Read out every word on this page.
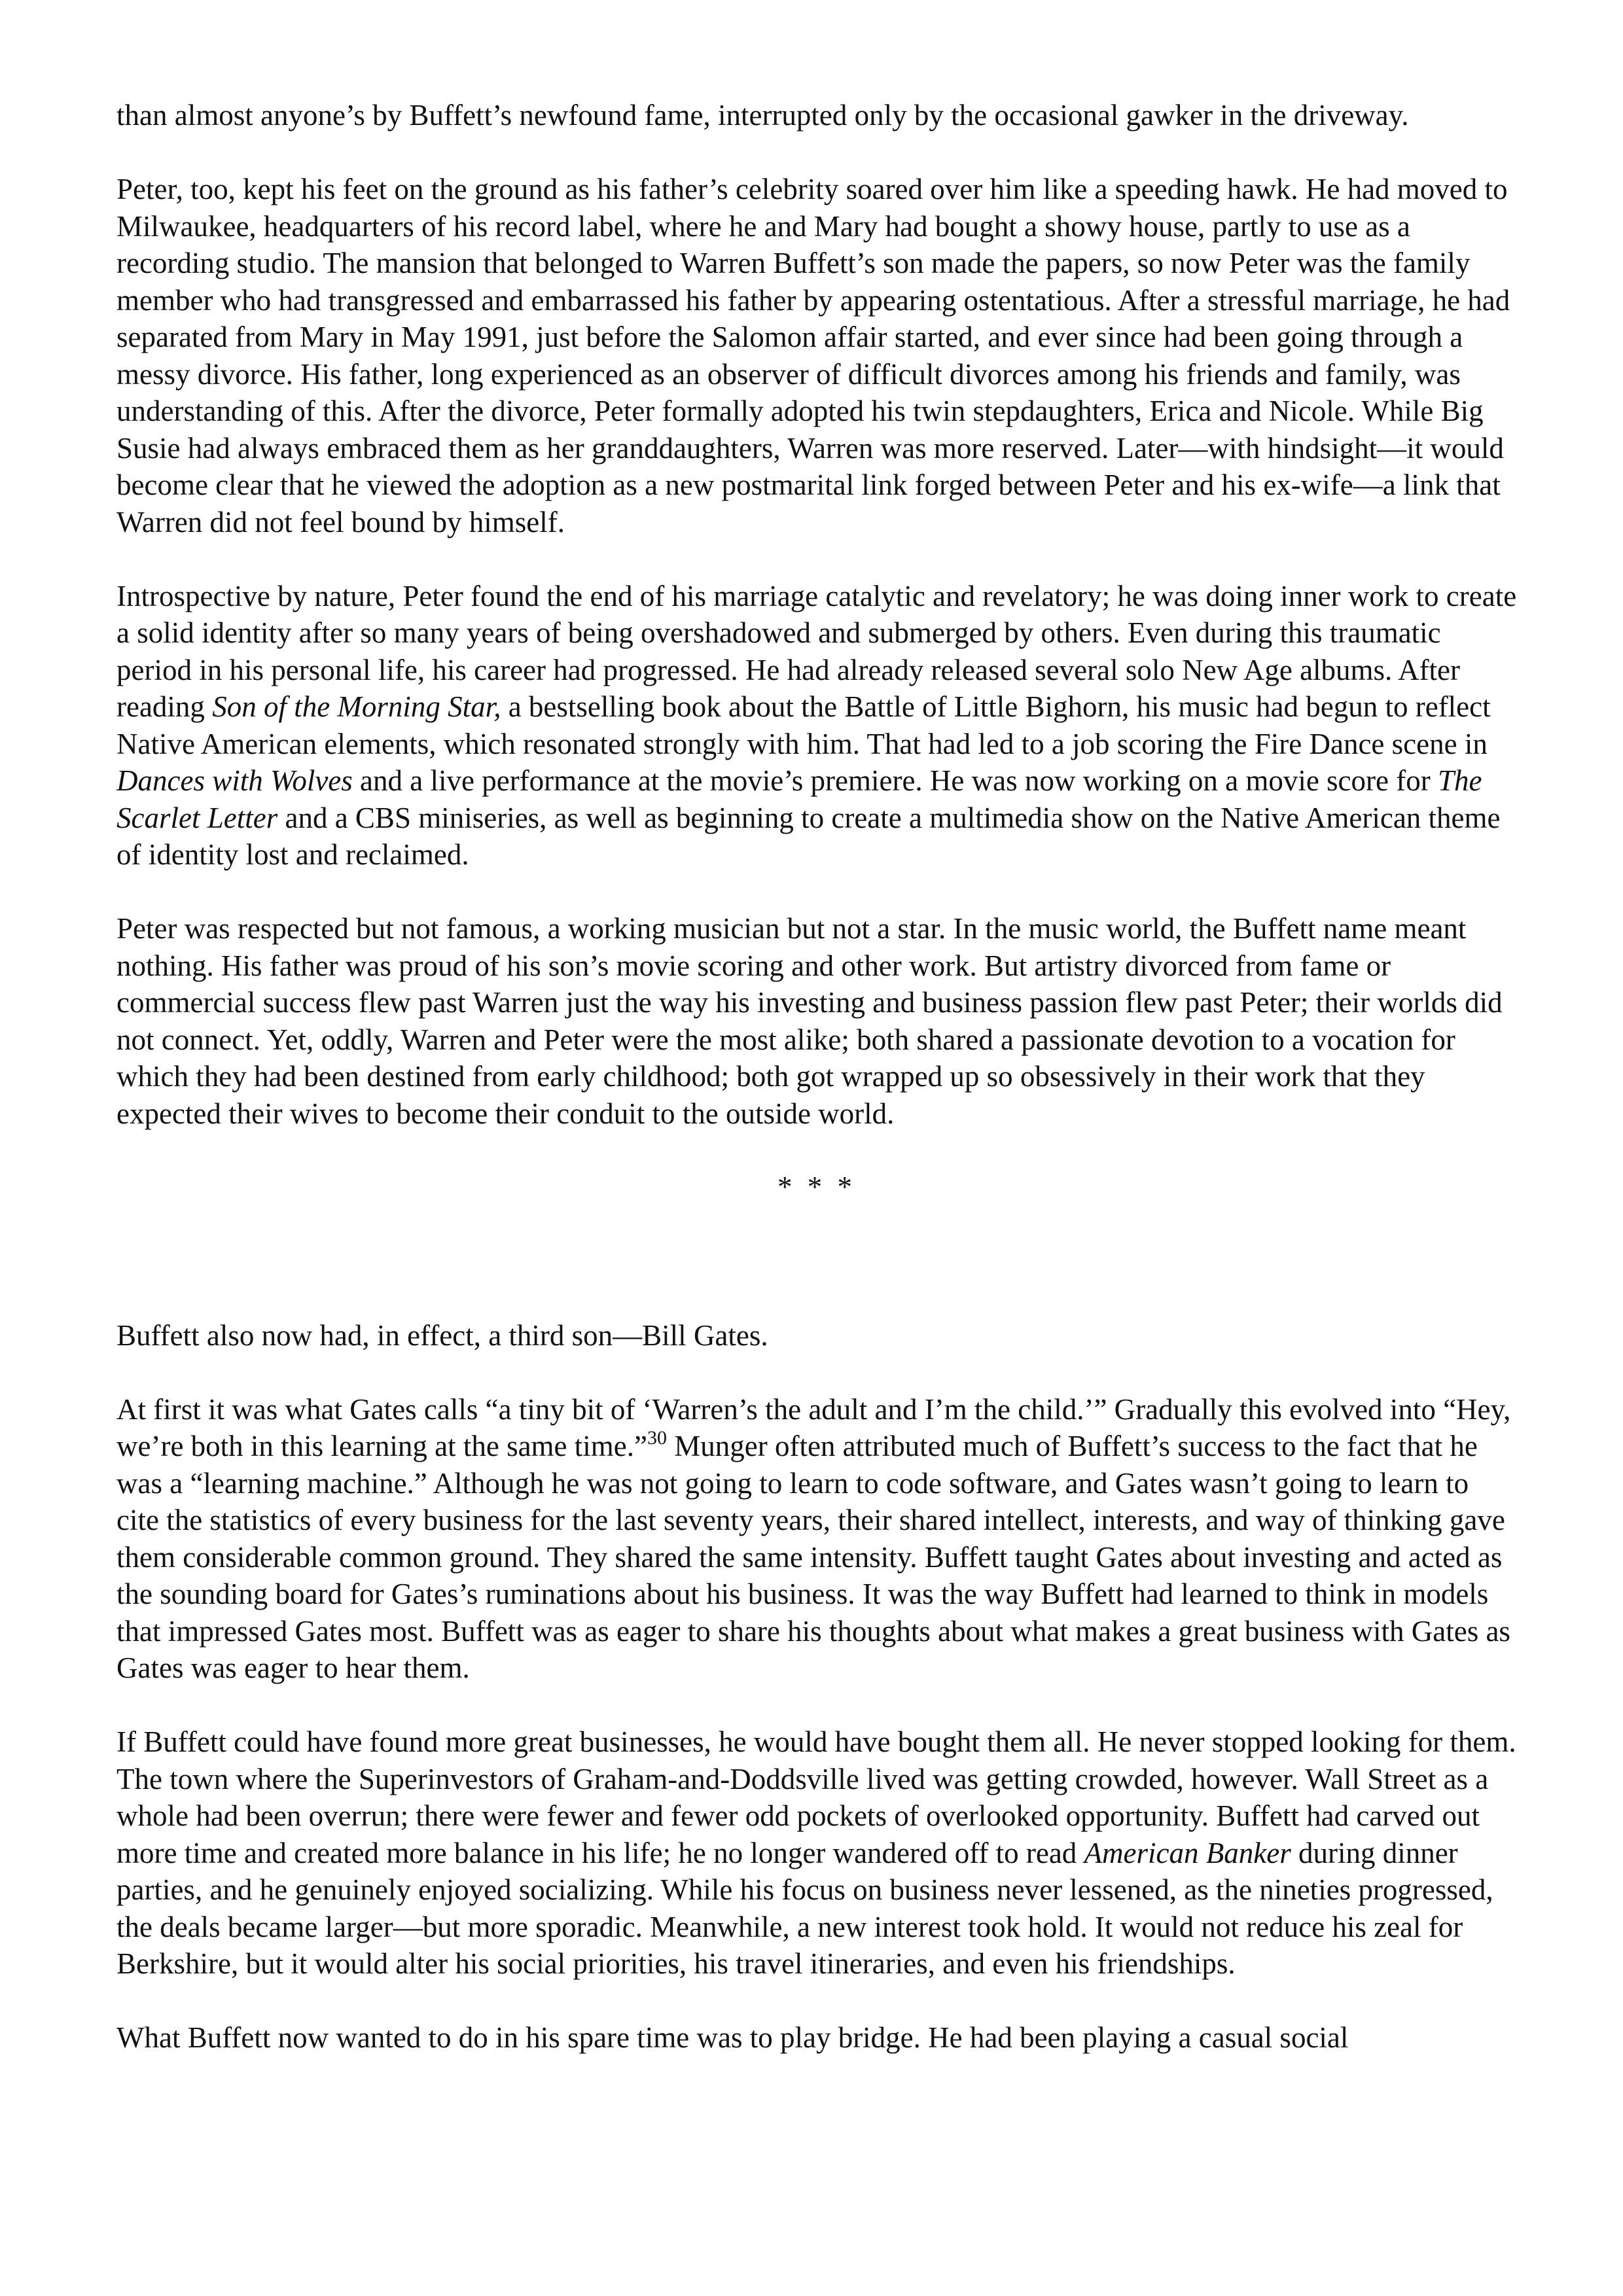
than almost anyone’s by Buffett’s newfound fame, interrupted only by the occasional gawker in the driveway.

Peter, too, kept his feet on the ground as his father’s celebrity soared over him like a speeding hawk. He had moved to Milwaukee, headquarters of his record label, where he and Mary had bought a showy house, partly to use as a recording studio. The mansion that belonged to Warren Buffett’s son made the papers, so now Peter was the family member who had transgressed and embarrassed his father by appearing ostentatious. After a stressful marriage, he had separated from Mary in May 1991, just before the Salomon affair started, and ever since had been going through a messy divorce. His father, long experienced as an observer of difficult divorces among his friends and family, was understanding of this. After the divorce, Peter formally adopted his twin stepdaughters, Erica and Nicole. While Big Susie had always embraced them as her granddaughters, Warren was more reserved. Later—with hindsight—it would become clear that he viewed the adoption as a new postmarital link forged between Peter and his ex-wife—a link that Warren did not feel bound by himself.

Introspective by nature, Peter found the end of his marriage catalytic and revelatory; he was doing inner work to create a solid identity after so many years of being overshadowed and submerged by others. Even during this traumatic period in his personal life, his career had progressed. He had already released several solo New Age albums. After reading Son of the Morning Star, a bestselling book about the Battle of Little Bighorn, his music had begun to reflect Native American elements, which resonated strongly with him. That had led to a job scoring the Fire Dance scene in Dances with Wolves and a live performance at the movie’s premiere. He was now working on a movie score for The Scarlet Letter and a CBS miniseries, as well as beginning to create a multimedia show on the Native American theme of identity lost and reclaimed.

Peter was respected but not famous, a working musician but not a star. In the music world, the Buffett name meant nothing. His father was proud of his son’s movie scoring and other work. But artistry divorced from fame or commercial success flew past Warren just the way his investing and business passion flew past Peter; their worlds did not connect. Yet, oddly, Warren and Peter were the most alike; both shared a passionate devotion to a vocation for which they had been destined from early childhood; both got wrapped up so obsessively in their work that they expected their wives to become their conduit to the outside world.

* * *

Buffett also now had, in effect, a third son—Bill Gates.

At first it was what Gates calls “a tiny bit of ‘Warren’s the adult and I’m the child.’” Gradually this evolved into “Hey, we’re both in this learning at the same time.”$^{30}$ Munger often attributed much of Buffett’s success to the fact that he was a “learning machine.” Although he was not going to learn to code software, and Gates wasn’t going to learn to cite the statistics of every business for the last seventy years, their shared intellect, interests, and way of thinking gave them considerable common ground. They shared the same intensity. Buffett taught Gates about investing and acted as the sounding board for Gates’s ruminations about his business. It was the way Buffett had learned to think in models that impressed Gates most. Buffett was as eager to share his thoughts about what makes a great business with Gates as Gates was eager to hear them.

If Buffett could have found more great businesses, he would have bought them all. He never stopped looking for them. The town where the Superinvestors of Graham-and-Doddsville lived was getting crowded, however. Wall Street as a whole had been overrun; there were fewer and fewer odd pockets of overlooked opportunity. Buffett had carved out more time and created more balance in his life; he no longer wandered off to read American Banker during dinner parties, and he genuinely enjoyed socializing. While his focus on business never lessened, as the nineties progressed, the deals became larger—but more sporadic. Meanwhile, a new interest took hold. It would not reduce his zeal for Berkshire, but it would alter his social priorities, his travel itineraries, and even his friendships.

What Buffett now wanted to do in his spare time was to play bridge. He had been playing a casual social
